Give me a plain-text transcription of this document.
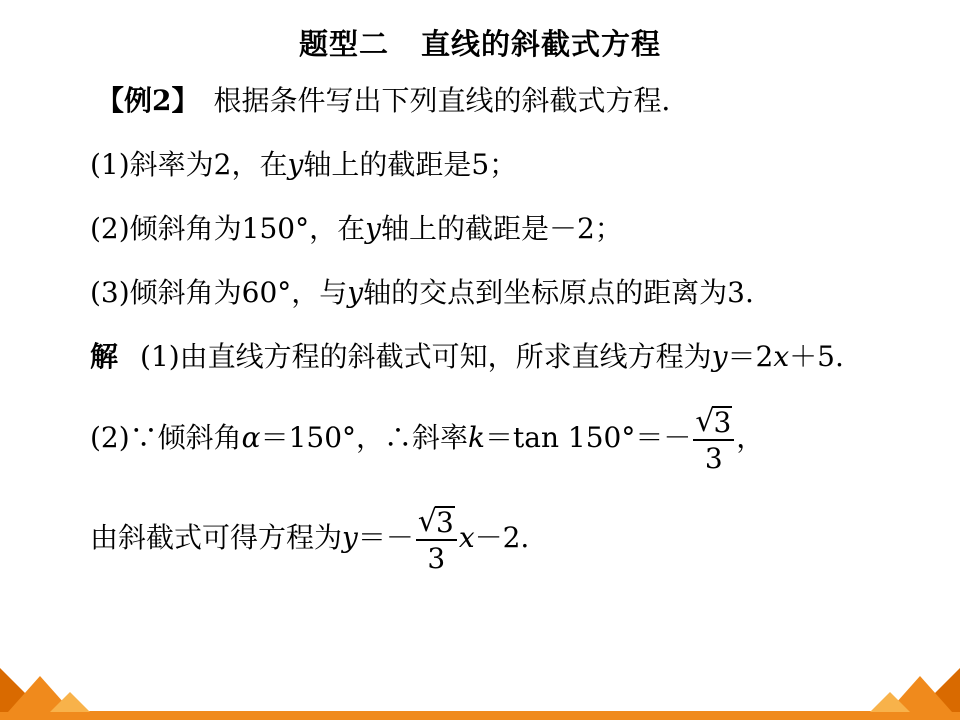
题型二 直线的斜截式方程
【例2】 根据条件写出下列直线的斜截式方程．
(1)斜率为2，在y轴上的截距是5；
(2)倾斜角为150°，在y轴上的截距是－2；
(3)倾斜角为60°，与y轴的交点到坐标原点的距离为3.
解 (1)由直线方程的斜截式可知，所求直线方程为y＝2x＋5.
(2)∵倾斜角α＝150°，∴斜率k＝tan $150^\circ=- \frac{√ 3}{3}$ ，
由斜截式可得方程为$y=- \frac{√ 3}{3} x-2$.
